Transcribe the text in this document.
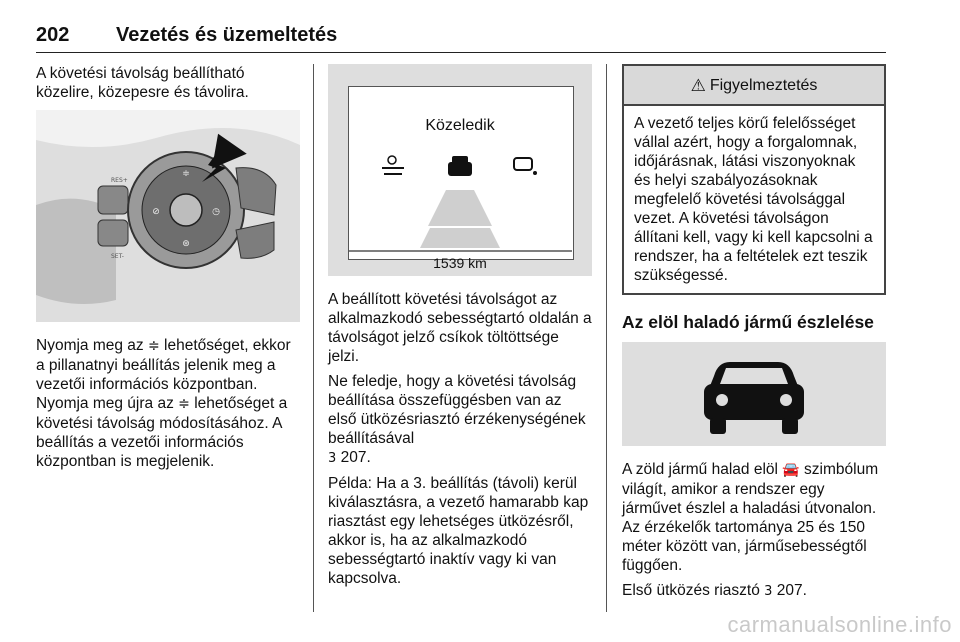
202 Vezetés és üzemeltetés

A követési távolság beállítható közelire, közepesre és távolira.

RES+
SET-
≑
⊘	◷
⊛

Nyomja meg az ≑ lehetőséget, ekkor a pillanatnyi beállítás jelenik meg a vezetői információs központban. Nyomja meg újra az ≑ lehetőséget a követési távolság módosításához. A beállítás a vezetői információs központban is megjelenik.

Közeledik
1539 km

A beállított követési távolságot az alkalmazkodó sebességtartó oldalán a távolságot jelző csíkok töltöttsége jelzi.

Ne feledje, hogy a követési távolság beállítása összefüggésben van az első ütközésriasztó érzékenységének beállításával
3 207.

Példa: Ha a 3. beállítás (távoli) kerül kiválasztásra, a vezető hamarabb kap riasztást egy lehetséges ütközésről, akkor is, ha az alkalmazkodó sebességtartó inaktív vagy ki van kapcsolva.

⚠ Figyelmeztetés
A vezető teljes körű felelősséget vállal azért, hogy a forgalomnak, időjárásnak, látási viszonyoknak és helyi szabályozásoknak megfelelő követési távolsággal vezet. A követési távolságon állítani kell, vagy ki kell kapcsolni a rendszer, ha a feltételek ezt teszik szükségessé.
Az elöl haladó jármű észlelése

A zöld jármű halad elöl 🚘 szimbólum világít, amikor a rendszer egy járművet észlel a haladási útvonalon. Az érzékelők tartománya 25 és 150 méter között van, járműsebességtől függően.

Első ütközés riasztó 3 207.

carmanualsonline.info
